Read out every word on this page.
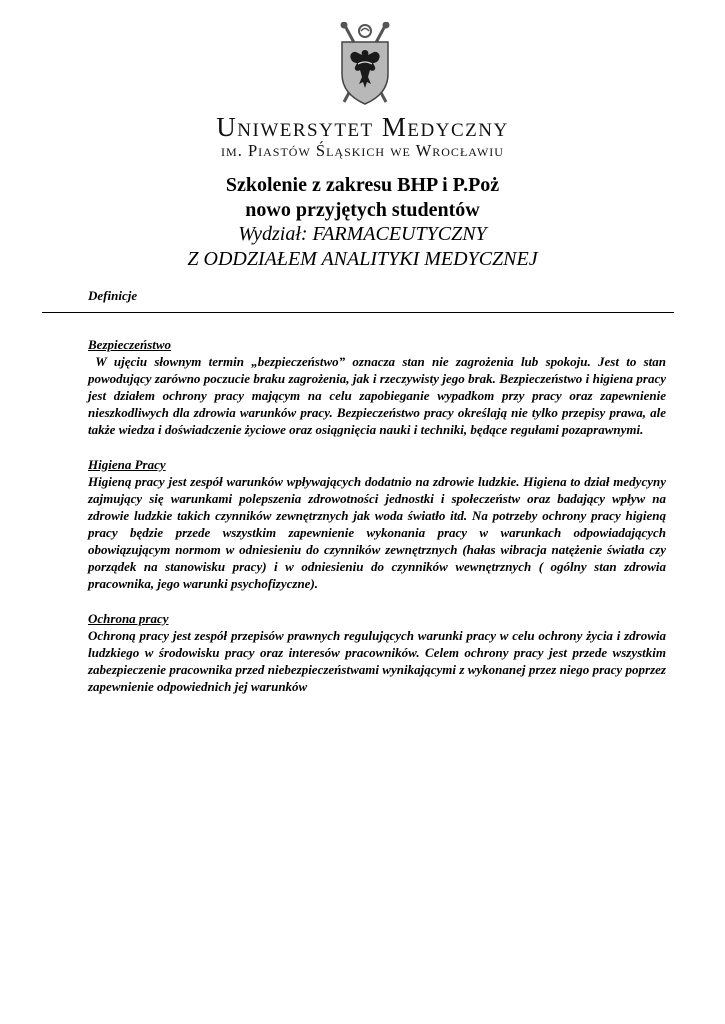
Uniwersytet Medyczny
im. Piastów Śląskich we Wrocławiu
Szkolenie z zakresu BHP i P.Poż
nowo przyjętych studentów
Wydział: FARMACEUTYCZNY
Z ODDZIAŁEM ANALITYKI MEDYCZNEJ
Definicje

Bezpieczeństwo

W ujęciu słownym termin „bezpieczeństwo” oznacza stan nie zagrożenia lub spokoju. Jest to stan powodujący zarówno poczucie braku zagrożenia, jak i rzeczywisty jego brak. Bezpieczeństwo i higiena pracy jest działem ochrony pracy mającym na celu zapobieganie wypadkom przy pracy oraz zapewnienie nieszkodliwych dla zdrowia warunków pracy. Bezpieczeństwo pracy określają nie tylko przepisy prawa, ale także wiedza i doświadczenie życiowe oraz osiągnięcia nauki i techniki, będące regułami pozaprawnymi.

Higiena Pracy

Higieną pracy jest zespół warunków wpływających dodatnio na zdrowie ludzkie. Higiena to dział medycyny zajmujący się warunkami polepszenia zdrowotności jednostki i społeczeństw oraz badający wpływ na zdrowie ludzkie takich czynników zewnętrznych jak woda światło itd. Na potrzeby ochrony pracy higieną pracy będzie przede wszystkim zapewnienie wykonania pracy w warunkach odpowiadających obowiązującym normom w odniesieniu do czynników zewnętrznych (hałas wibracja natężenie światła czy porządek na stanowisku pracy) i w odniesieniu do czynników wewnętrznych ( ogólny stan zdrowia pracownika, jego warunki psychofizyczne).

Ochrona pracy

Ochroną pracy jest zespół przepisów prawnych regulujących warunki pracy w celu ochrony życia i zdrowia ludzkiego w środowisku pracy oraz interesów pracowników. Celem ochrony pracy jest przede wszystkim zabezpieczenie pracownika przed niebezpieczeństwami wynikającymi z wykonanej przez niego pracy poprzez zapewnienie odpowiednich jej warunków
